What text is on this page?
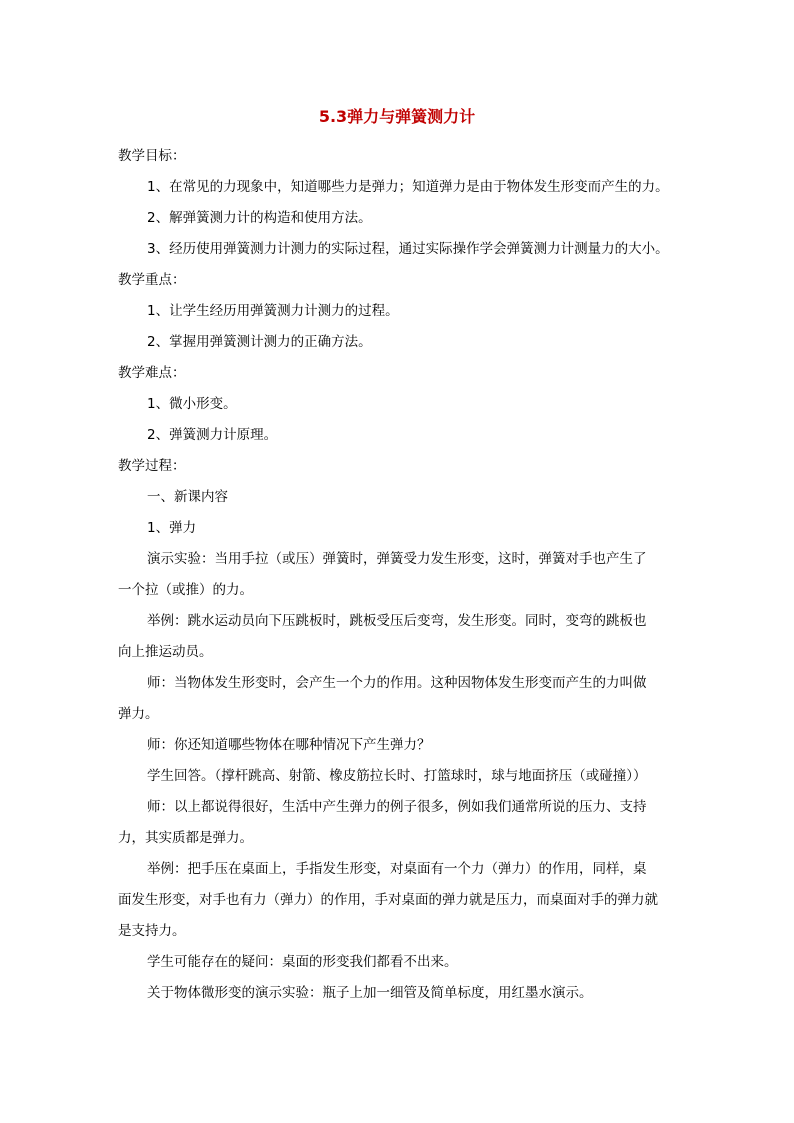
5.3弹力与弹簧测力计
教学目标：
1、在常见的力现象中，知道哪些力是弹力；知道弹力是由于物体发生形变而产生的力。
2、解弹簧测力计的构造和使用方法。
3、经历使用弹簧测力计测力的实际过程，通过实际操作学会弹簧测力计测量力的大小。
教学重点：
1、让学生经历用弹簧测力计测力的过程。
2、掌握用弹簧测计测力的正确方法。
教学难点：
1、微小形变。
2、弹簧测力计原理。
教学过程：
一、新课内容
1、弹力
演示实验：当用手拉（或压）弹簧时，弹簧受力发生形变，这时，弹簧对手也产生了
一个拉（或推）的力。
举例：跳水运动员向下压跳板时，跳板受压后变弯，发生形变。同时，变弯的跳板也
向上推运动员。
师：当物体发生形变时，会产生一个力的作用。这种因物体发生形变而产生的力叫做
弹力。
师：你还知道哪些物体在哪种情况下产生弹力？
学生回答。（撑杆跳高、射箭、橡皮筋拉长时、打篮球时，球与地面挤压（或碰撞））
师：以上都说得很好，生活中产生弹力的例子很多，例如我们通常所说的压力、支持
力，其实质都是弹力。
举例：把手压在桌面上，手指发生形变，对桌面有一个力（弹力）的作用，同样，桌
面发生形变，对手也有力（弹力）的作用，手对桌面的弹力就是压力，而桌面对手的弹力就
是支持力。
学生可能存在的疑问：桌面的形变我们都看不出来。
关于物体微形变的演示实验：瓶子上加一细管及简单标度，用红墨水演示。
